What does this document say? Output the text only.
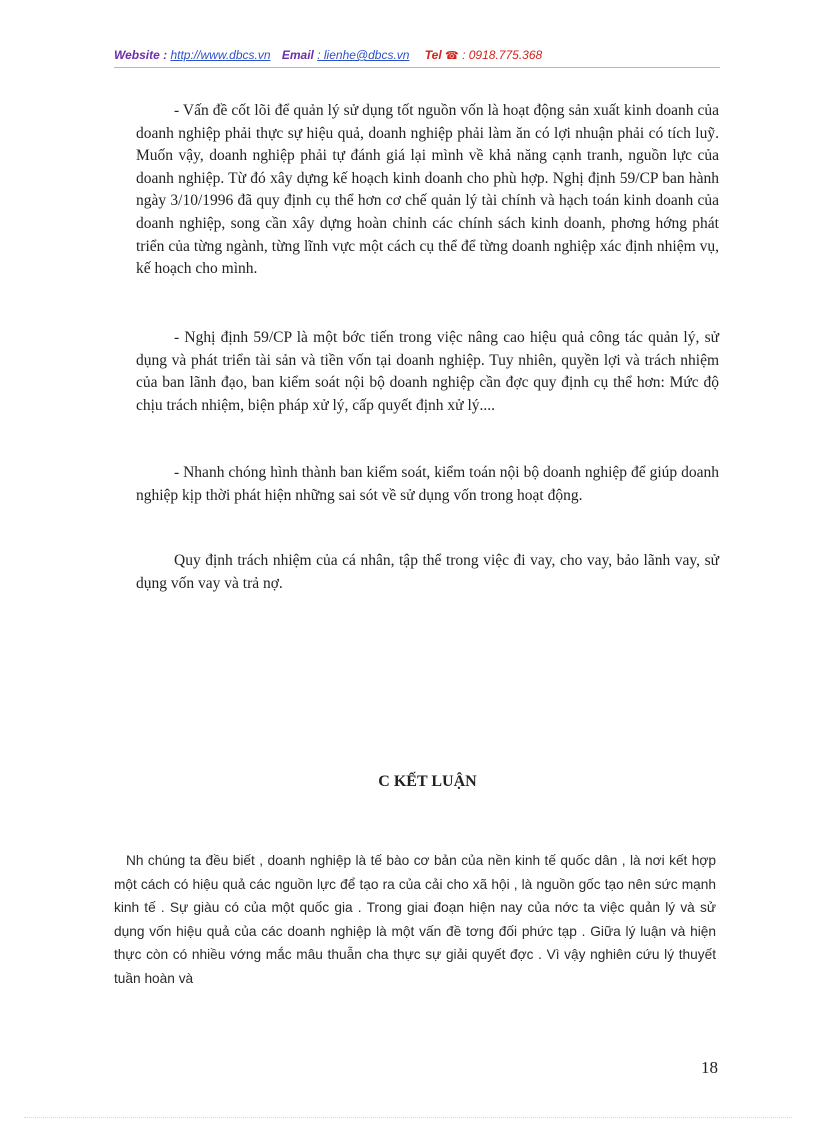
Website : http://www.dbcs.vn Email : lienhe@dbcs.vn Tel ☎ : 0918.775.368

- Vấn đề cốt lõi để quản lý sử dụng tốt nguồn vốn là hoạt động sản xuất kinh doanh của doanh nghiệp phải thực sự hiệu quả, doanh nghiệp phải làm ăn có lợi nhuận phải có tích luỹ. Muốn vậy, doanh nghiệp phải tự đánh giá lại mình về khả năng cạnh tranh, nguồn lực của doanh nghiệp. Từ đó xây dựng kế hoạch kinh doanh cho phù hợp. Nghị định 59/CP ban hành ngày 3/10/1996 đã quy định cụ thể hơn cơ chế quản lý tài chính và hạch toán kinh doanh của doanh nghiệp, song cần xây dựng hoàn chỉnh các chính sách kinh doanh, phơng hớng phát triển của từng ngành, từng lĩnh vực một cách cụ thể để từng doanh nghiệp xác định nhiệm vụ, kế hoạch cho mình.

- Nghị định 59/CP là một bớc tiến trong việc nâng cao hiệu quả công tác quản lý, sử dụng và phát triển tài sản và tiền vốn tại doanh nghiệp. Tuy nhiên, quyền lợi và trách nhiệm của ban lãnh đạo, ban kiểm soát nội bộ doanh nghiệp cần đợc quy định cụ thể hơn: Mức độ chịu trách nhiệm, biện pháp xử lý, cấp quyết định xử lý....

- Nhanh chóng hình thành ban kiểm soát, kiểm toán nội bộ doanh nghiệp để giúp doanh nghiệp kịp thời phát hiện những sai sót về sử dụng vốn trong hoạt động.

Quy định trách nhiệm của cá nhân, tập thể trong việc đi vay, cho vay, bảo lãnh vay, sử dụng vốn vay và trả nợ.

C KẾT LUẬN

Nh chúng ta đều biết , doanh nghiệp là tế bào cơ bản của nền kinh tế quốc dân , là nơi kết hợp một cách có hiệu quả các nguồn lực để tạo ra của cải cho xã hội , là nguồn gốc tạo nên sức mạnh kinh tế . Sự giàu có của một quốc gia . Trong giai đoạn hiện nay của nớc ta việc quản lý và sử dụng vốn hiệu quả của các doanh nghiệp là một vấn đề tơng đối phức tạp . Giữa lý luận và hiện thực còn có nhiều vớng mắc mâu thuẫn cha thực sự giải quyết đợc . Vì vậy nghiên cứu lý thuyết tuần hoàn và

18
